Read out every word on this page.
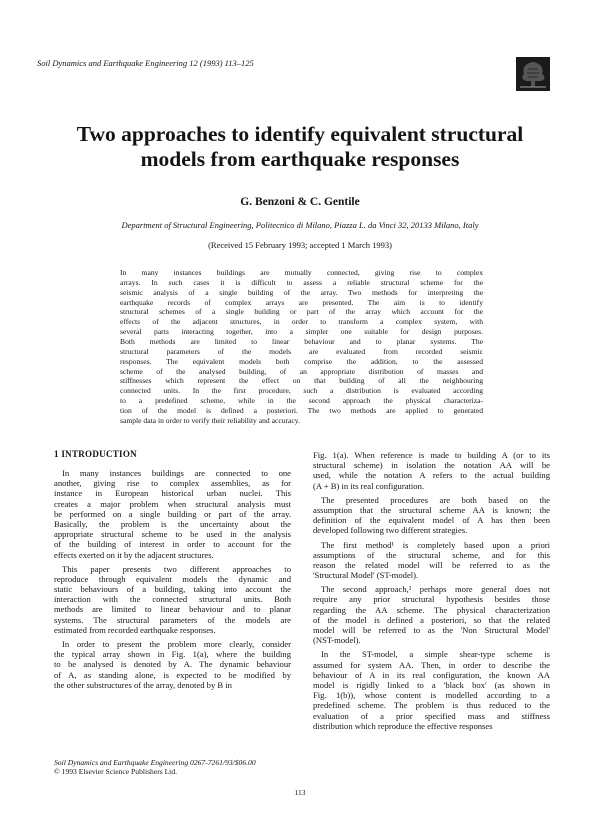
Soil Dynamics and Earthquake Engineering 12 (1993) 113–125
Two approaches to identify equivalent structural
models from earthquake responses
G. Benzoni & C. Gentile
Department of Structural Engineering, Politecnico di Milano, Piazza L. da Vinci 32, 20133 Milano, Italy
(Received 15 February 1993; accepted 1 March 1993)
In many instances buildings are mutually connected, giving rise to complex
arrays. In such cases it is difficult to assess a reliable structural scheme for the
seismic analysis of a single building of the array. Two methods for interpreting the
earthquake records of complex arrays are presented. The aim is to identify
structural schemes of a single building or part of the array which account for the
effects of the adjacent structures, in order to transform a complex system, with
several parts interacting together, into a simpler one suitable for design purposes.
Both methods are limited to linear behaviour and to planar systems. The
structural parameters of the models are evaluated from recorded seismic
responses. The equivalent models both comprise the addition, to the assessed
scheme of the analysed building, of an appropriate distribution of masses and
stiffnesses which represent the effect on that building of all the neighbouring
connected units. In the first procedure, such a distribution is evaluated according
to a predefined scheme, while in the second approach the physical characteriza-
tion of the model is defined a posteriori. The two methods are applied to generated
sample data in order to verify their reliability and accuracy.
1 INTRODUCTION
In many instances buildings are connected to one
another, giving rise to complex assemblies, as for
instance in European historical urban nuclei. This
creates a major problem when structural analysis must
be performed on a single building or part of the array.
Basically, the problem is the uncertainty about the
appropriate structural scheme to be used in the analysis
of the building of interest in order to account for the
effects exerted on it by the adjacent structures.
This paper presents two different approaches to
reproduce through equivalent models the dynamic and
static behaviours of a building, taking into account the
interaction with the connected structural units. Both
methods are limited to linear behaviour and to planar
systems. The structural parameters of the models are
estimated from recorded earthquake responses.
In order to present the problem more clearly, consider
the typical array shown in Fig. 1(a), where the building
to be analysed is denoted by A. The dynamic behaviour
of A, as standing alone, is expected to be modified by
the other substructures of the array, denoted by B in
Fig. 1(a). When reference is made to building A (or to its
structural scheme) in isolation the notation AA will be
used, while the notation A refers to the actual building
(A + B) in its real configuration.
The presented procedures are both based on the
assumption that the structural scheme AA is known; the
definition of the equivalent model of A has then been
developed following two different strategies.
The first method¹ is completely based upon a priori
assumptions of the structural scheme, and for this
reason the related model will be referred to as the
'Structural Model' (ST-model).
The second approach,² perhaps more general does not
require any prior structural hypothesis besides those
regarding the AA scheme. The physical characterization
of the model is defined a posteriori, so that the related
model will be referred to as the 'Non Structural Model'
(NST-model).
In the ST-model, a simple shear-type scheme is
assumed for system AA. Then, in order to describe the
behaviour of A in its real configuration, the known AA
model is rigidly linked to a 'black box' (as shown in
Fig. 1(b)), whose content is modelled according to a
predefined scheme. The problem is thus reduced to the
evaluation of a prior specified mass and stiffness
distribution which reproduce the effective responses
Soil Dynamics and Earthquake Engineering 0267-7261/93/$06.00
© 1993 Elsevier Science Publishers Ltd.
113
